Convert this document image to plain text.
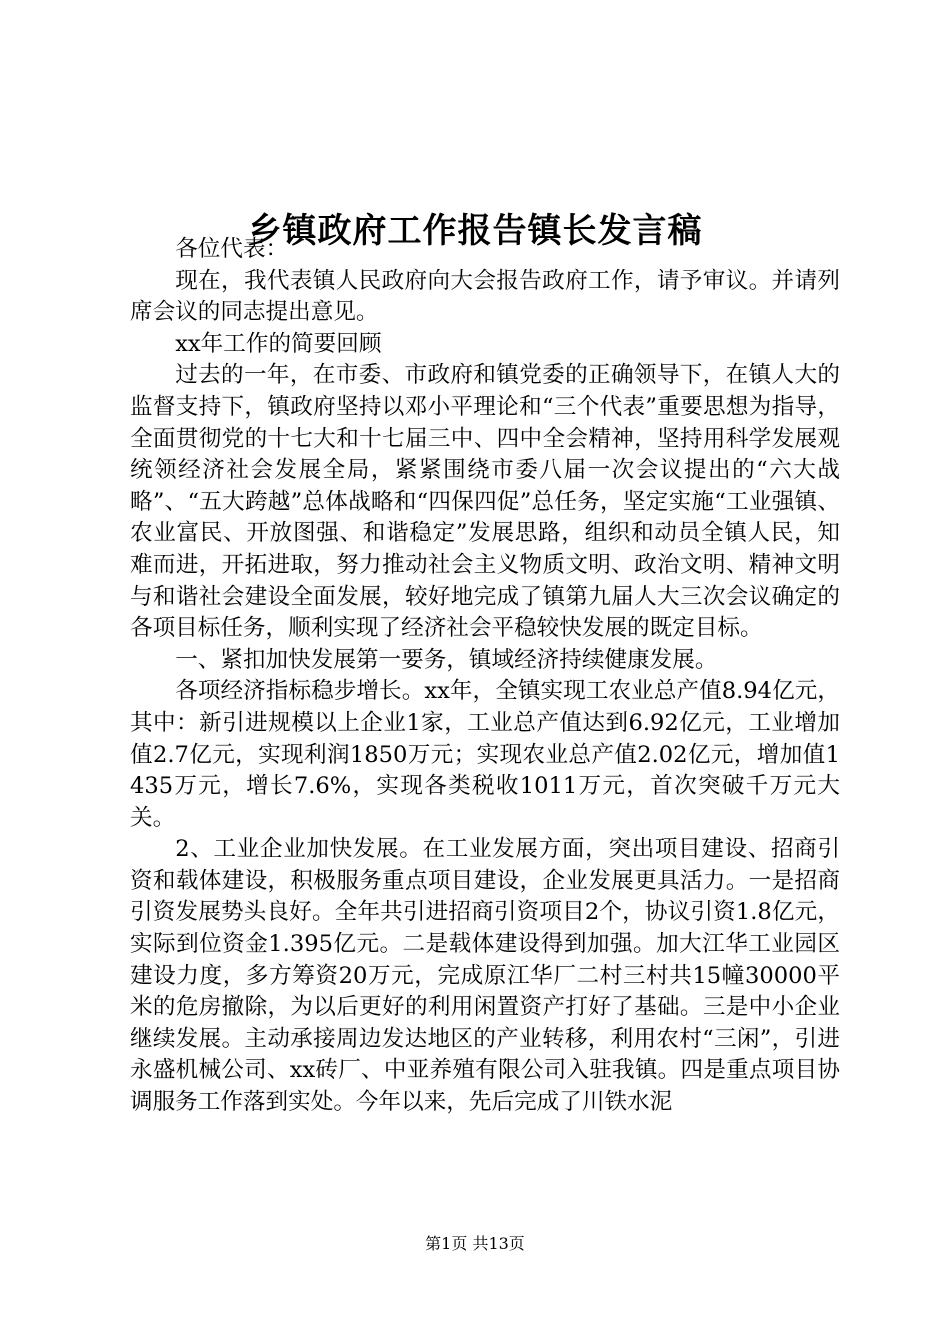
乡镇政府工作报告镇长发言稿

各位代表：

现在，我代表镇人民政府向大会报告政府工作，请予审议。并请列席会议的同志提出意见。

xx年工作的简要回顾

过去的一年，在市委、市政府和镇党委的正确领导下，在镇人大的监督支持下，镇政府坚持以邓小平理论和“三个代表”重要思想为指导，全面贯彻党的十七大和十七届三中、四中全会精神，坚持用科学发展观统领经济社会发展全局，紧紧围绕市委八届一次会议提出的“六大战略”、“五大跨越”总体战略和“四保四促”总任务，坚定实施“工业强镇、农业富民、开放图强、和谐稳定”发展思路，组织和动员全镇人民，知难而进，开拓进取，努力推动社会主义物质文明、政治文明、精神文明与和谐社会建设全面发展，较好地完成了镇第九届人大三次会议确定的各项目标任务，顺利实现了经济社会平稳较快发展的既定目标。

一、紧扣加快发展第一要务，镇域经济持续健康发展。

各项经济指标稳步增长。xx年，全镇实现工农业总产值8.94亿元，其中：新引进规模以上企业1家，工业总产值达到6.92亿元，工业增加值2.7亿元，实现利润1850万元；实现农业总产值2.02亿元，增加值1435万元，增长7.6%，实现各类税收1011万元，首次突破千万元大关。

2、工业企业加快发展。在工业发展方面，突出项目建设、招商引资和载体建设，积极服务重点项目建设，企业发展更具活力。一是招商引资发展势头良好。全年共引进招商引资项目2个，协议引资1.8亿元，实际到位资金1.395亿元。二是载体建设得到加强。加大江华工业园区建设力度，多方筹资20万元，完成原江华厂二村三村共15幢30000平米的危房撤除，为以后更好的利用闲置资产打好了基础。三是中小企业继续发展。主动承接周边发达地区的产业转移，利用农村“三闲”，引进永盛机械公司、xx砖厂、中亚养殖有限公司入驻我镇。四是重点项目协调服务工作落到实处。今年以来，先后完成了川铁水泥

第1页 共13页
